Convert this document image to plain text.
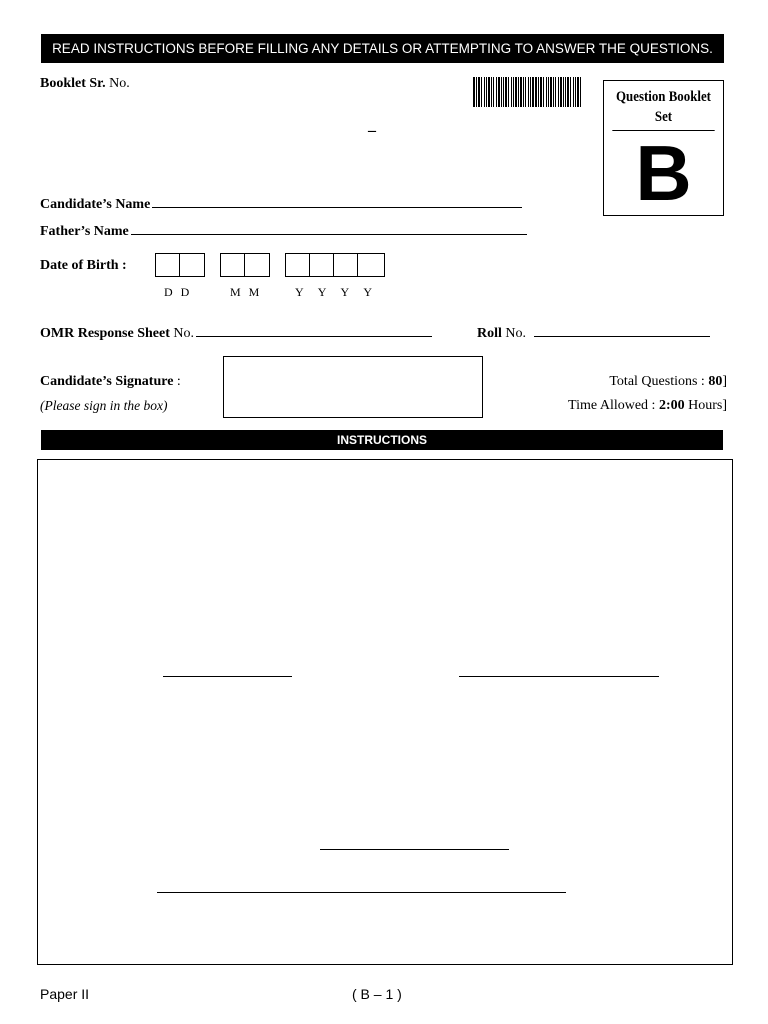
READ INSTRUCTIONS BEFORE FILLING ANY DETAILS OR ATTEMPTING TO ANSWER THE QUESTIONS.
Booklet Sr. No.
–
Question Booklet
Set
B
Candidate’s Name
Father’s Name
Date of Birth :
D D	M M	Y Y Y Y
OMR Response Sheet No.	Roll No.
Candidate’s Signature :
(Please sign in the box)
Total Questions : 80]
Time Allowed : 2:00 Hours]
INSTRUCTIONS
Paper II	( B – 1 )
